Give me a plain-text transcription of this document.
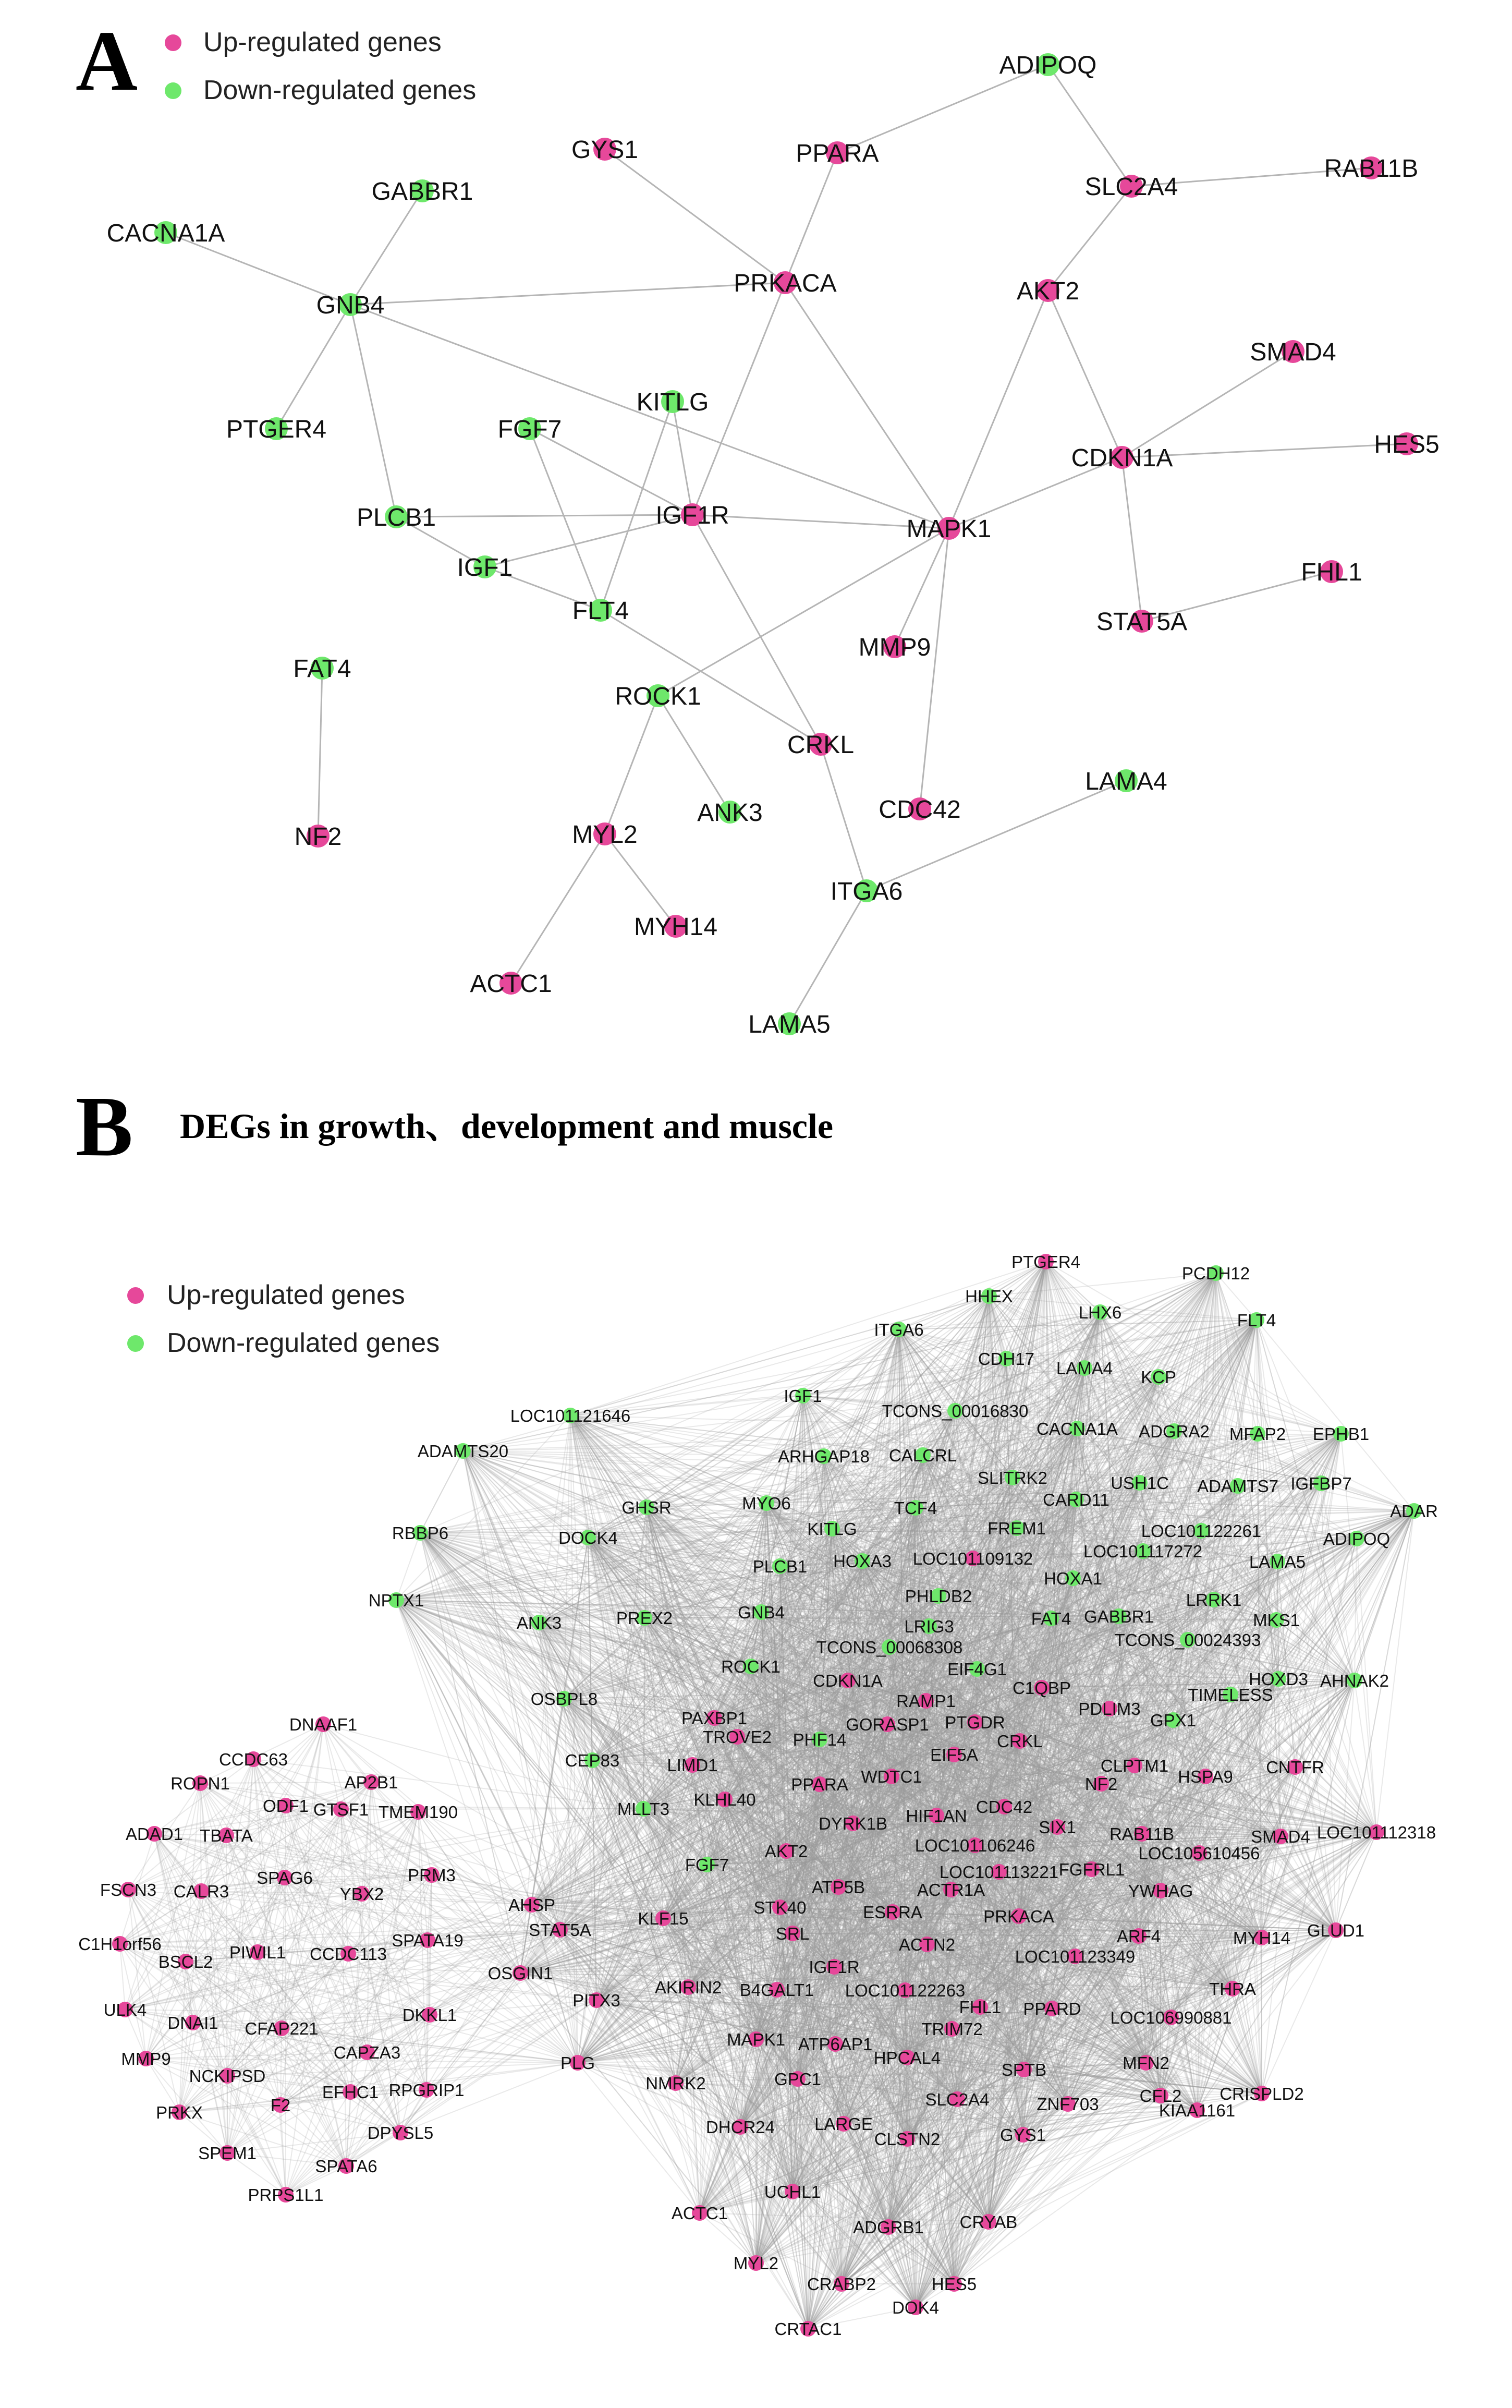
A Up-regulated genes
Down-regulated genes
ADIPOQ
GYS1	PPARA
RAB11B
SLC2A4
GABBR1
CACNA1A
PRKACA	AKT2
GNB4
SMAD4
KITLG
HES5
PTGER4	FGF7
CDKN1A
PLCB1	IGF1R	MAPK1
IGF1	FHL1
FLT4	STAT5A
MMP9
FAT4
ROCK1
CRKL
LAMA4
ANK3	CDC42
NF2	MYL2
ITGA6
MYH14
ACTC1
LAMA5
B DEGs in growth、development and muscle
Up-regulated genes
Down-regulated genes
PTGER4
PCDH12
HHEX
LHX6	FLT4
ITGA6
CDH17 LAMA4 KCP
IGF1
TCONS_00016830
LOC101121646
CACNA1A ADGRA2 MFAP2 EPHB1
ADAMTS20	ARHGAP18 CALCRL
SLITRK2	USH1C ADAMTS7 IGFBP7
GHSR	MYO6	TCF4	CARD11
ADAR
RBBP6	DOCK4	KITLG	FREM1	LOC101122261	ADIPOQ
HOXA3 LOC101109132	LOC101117272
LAMA5
PLCB1
HOXA1
NPTX1	PHLDB2	LRRK1
PREX2	GNB4	GABBR1
FAT4	MKS1
ANK3	LRIG3
TCONS_00068308	TCONS_00024393
ROCK1	EIF4G1
HOXD3 AHNAK2
CDKN1A	C1QBP
OSBPL8	RAMP1	TIMELESS
PAXBP1	PDLIM3
GPX1
DNAAF1	GORASP1 PTGDR
TROVE2 PHF14	CRKL
CEP83	LIMD1
EIF5A
CNTFR
CCDC63
PPARA WDTC1
CLPTM1
HSPA9
ROPN1	AP2B1
KLHL40
NF2
ODF1 GTSF1 TMEM190	MLLT3
DYRK1B HIF1AN CDC42
SIX1
ADAD1 TBATA	RAB11B	SMAD4 LOC101112318
LOC101106246
FGF7
LOC105610456
AKT2
SPAG6	PRM3
FSCN3 CALR3
LOC101113221 FGFRL1
AHSP
YBX2	ATP5B	YWHAG
STAT5A
ACTR1A
C1H1orf56
STK40	ESRRA	PRKACA
KLF15
SPATA19	ARF4
BSCL2 PIWIL1
SRL
ACTN2	MYH14 GLUD1
CCDC113	LOC101123349
IGF1R
OSGIN1
AKIRIN2 B4GALT1 LOC101122263	THRA
ULK4	DKKL1	FHL1 PPARD LOC106990881
PITX3
DNAI1 CFAP221	TRIM72
CAPZA3
MMP9
MAPK1 ATP6AP1
PLG	HPCAL4	MFN2
NCKIPSD	NMRK2	GPC1	SPTB
EFHC1 RPGRIP1	CFL2 CRISPLD2
PRKX	F2	SLC2A4	ZNF703	KIAA1161
DPYSL5	LARGE
DHCR24
CLSTN2	GYS1
SPEM1
SPATA6
PRPS1L1	UCHL1
ACTC1
ADGRB1 CRYAB
MYL2
CRABP2	HES5
DOK4
CRTAC1
